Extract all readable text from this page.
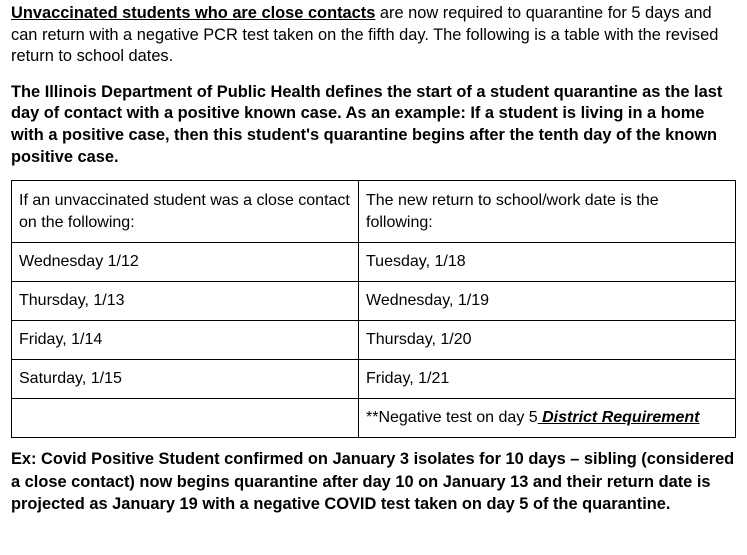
Unvaccinated students who are close contacts are now required to quarantine for 5 days and can return with a negative PCR test taken on the fifth day. The following is a table with the revised return to school dates.

The Illinois Department of Public Health defines the start of a student quarantine as the last day of contact with a positive known case. As an example: If a student is living in a home with a positive case, then this student's quarantine begins after the tenth day of the known positive case.

If an unvaccinated student was a close contact on the following:	The new return to school/work date is the following:
Wednesday 1/12	Tuesday, 1/18
Thursday, 1/13	Wednesday, 1/19
Friday, 1/14	Thursday, 1/20
Saturday, 1/15	Friday, 1/21
	**Negative test on day 5 District Requirement

Ex: Covid Positive Student confirmed on January 3 isolates for 10 days – sibling (considered a close contact) now begins quarantine after day 10 on January 13 and their return date is projected as January 19 with a negative COVID test taken on day 5 of the quarantine.
